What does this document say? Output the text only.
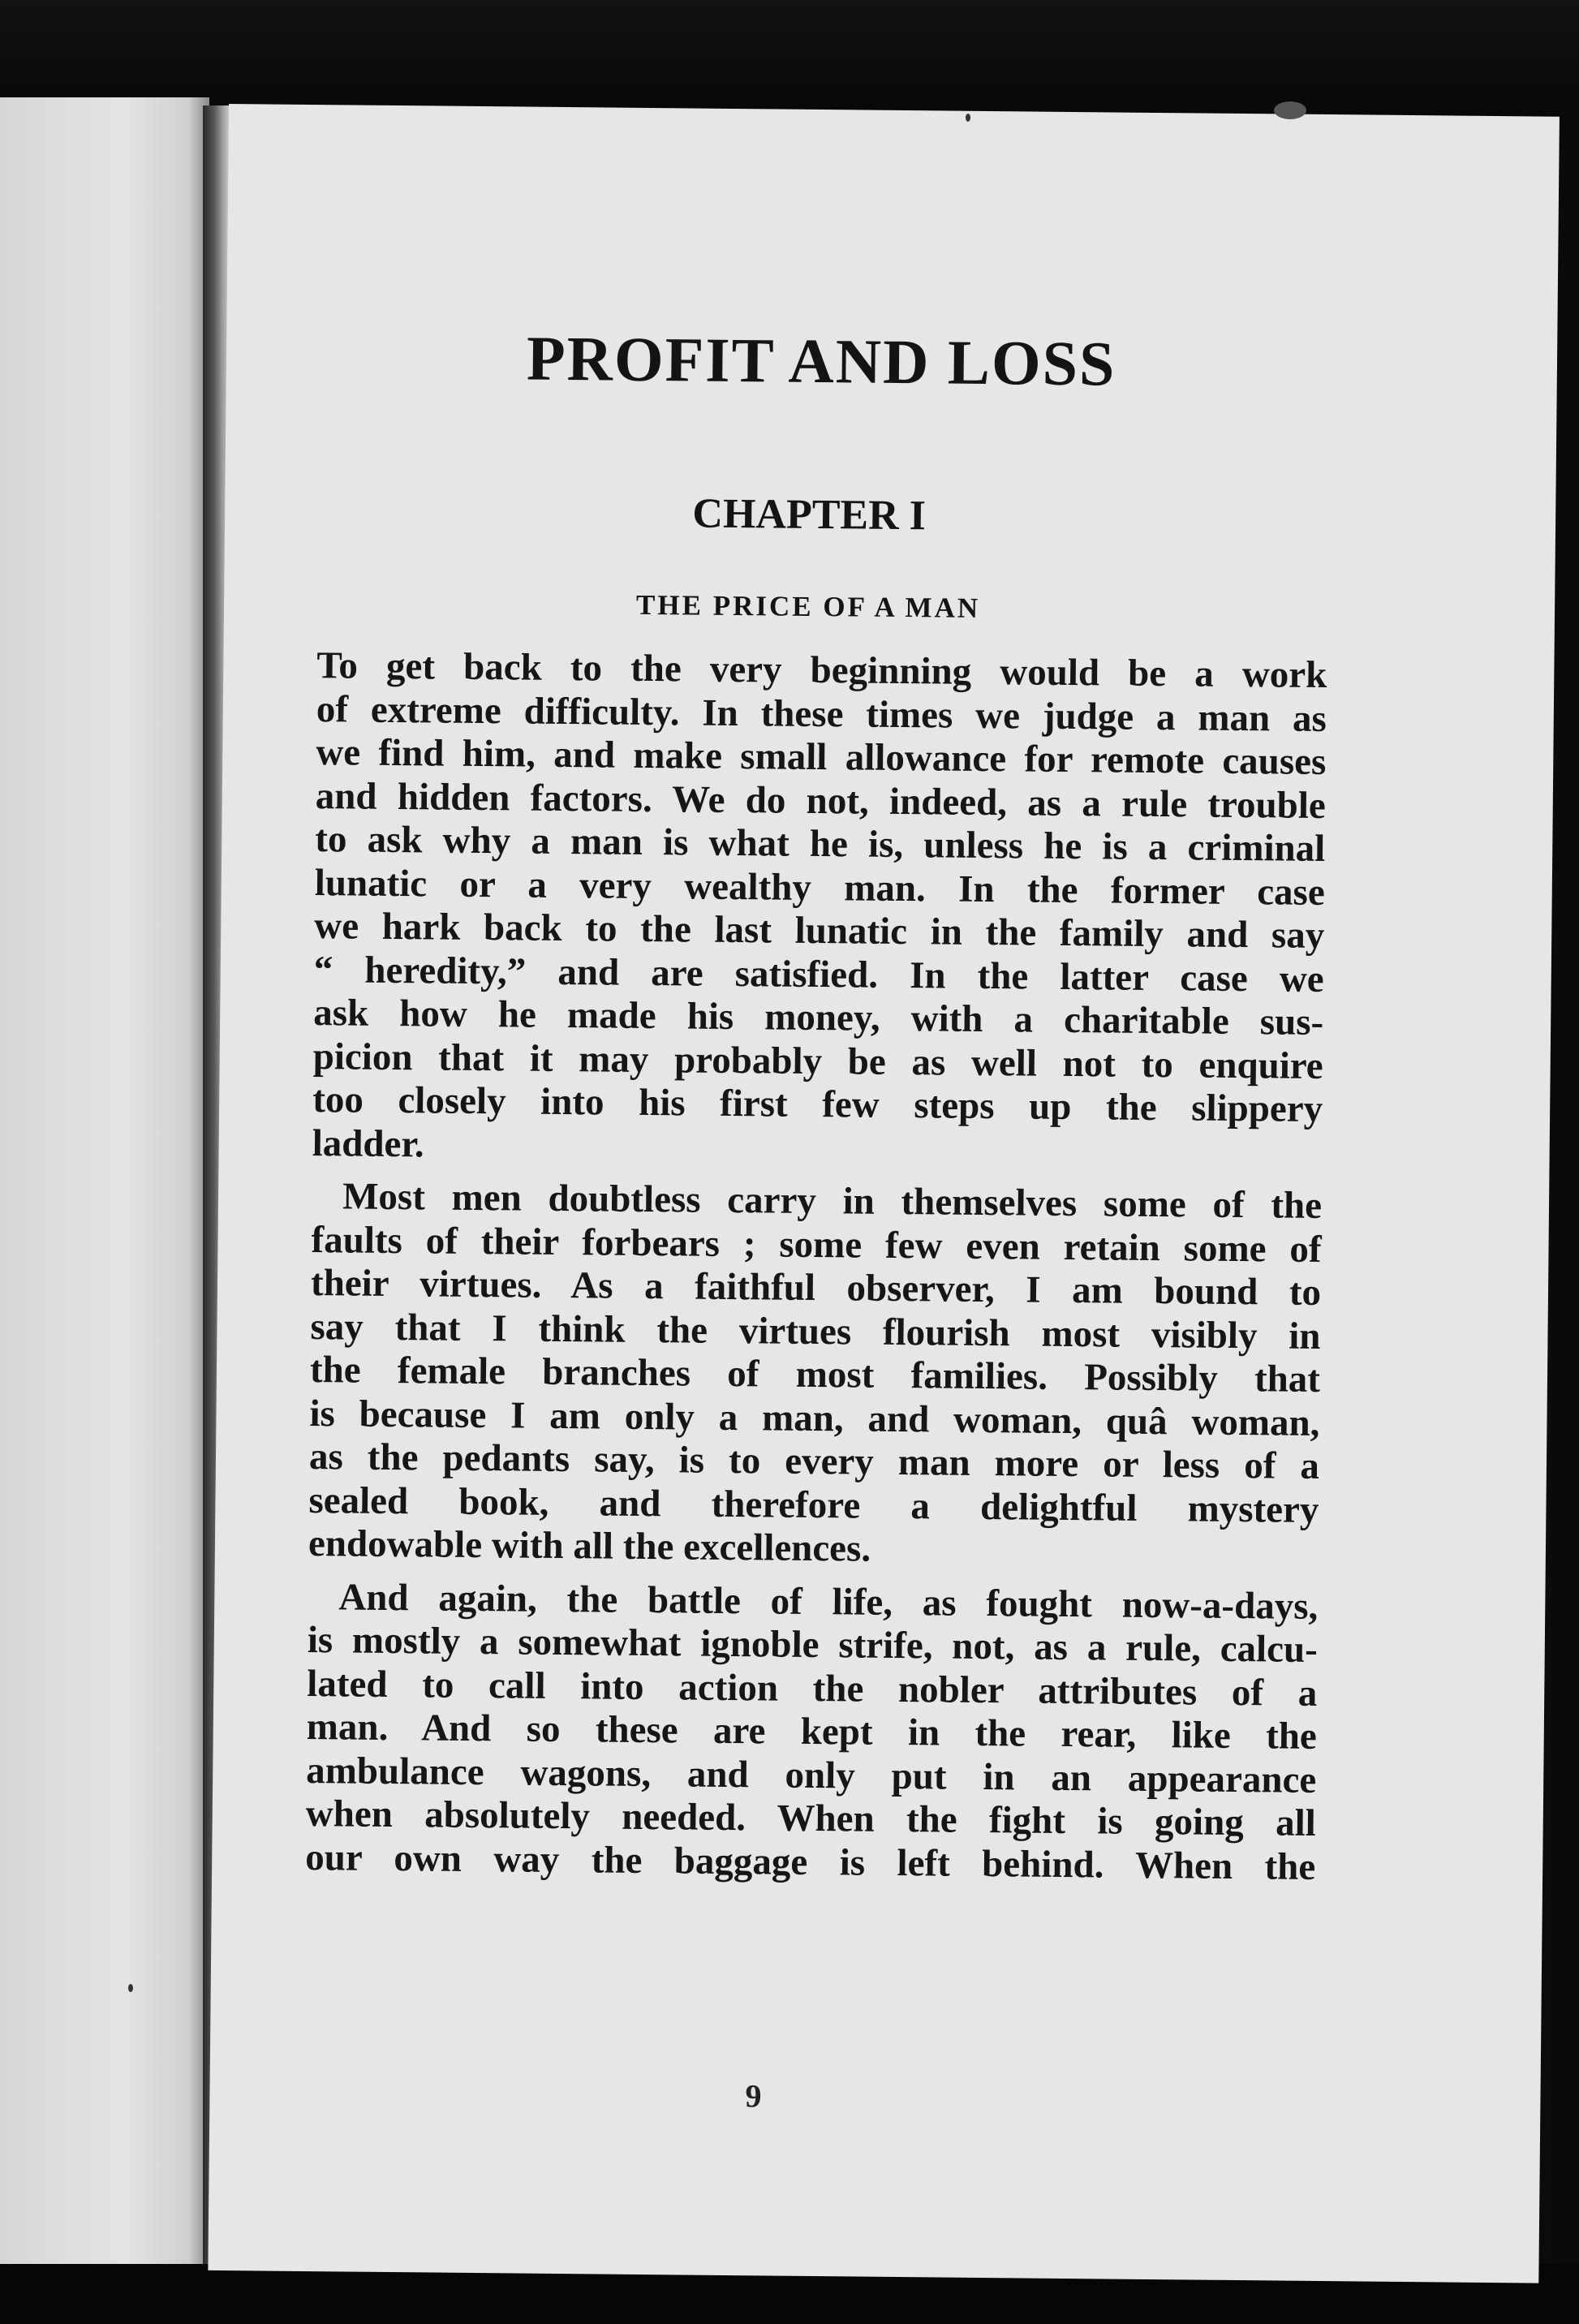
PROFIT AND LOSS
CHAPTER I
THE PRICE OF A MAN

To get back to the very beginning would be a work
of extreme difficulty. In these times we judge a man as
we find him, and make small allowance for remote causes
and hidden factors. We do not, indeed, as a rule trouble
to ask why a man is what he is, unless he is a criminal
lunatic or a very wealthy man. In the former case
we hark back to the last lunatic in the family and say
“ heredity,” and are satisfied. In the latter case we
ask how he made his money, with a charitable sus-
picion that it may probably be as well not to enquire
too closely into his first few steps up the slippery
ladder.

Most men doubtless carry in themselves some of the
faults of their forbears ; some few even retain some of
their virtues. As a faithful observer, I am bound to
say that I think the virtues flourish most visibly in
the female branches of most families. Possibly that
is because I am only a man, and woman, quâ woman,
as the pedants say, is to every man more or less of a
sealed book, and therefore a delightful mystery
endowable with all the excellences.

And again, the battle of life, as fought now-a-days,
is mostly a somewhat ignoble strife, not, as a rule, calcu-
lated to call into action the nobler attributes of a
man. And so these are kept in the rear, like the
ambulance wagons, and only put in an appearance
when absolutely needed. When the fight is going all
our own way the baggage is left behind. When the

9
